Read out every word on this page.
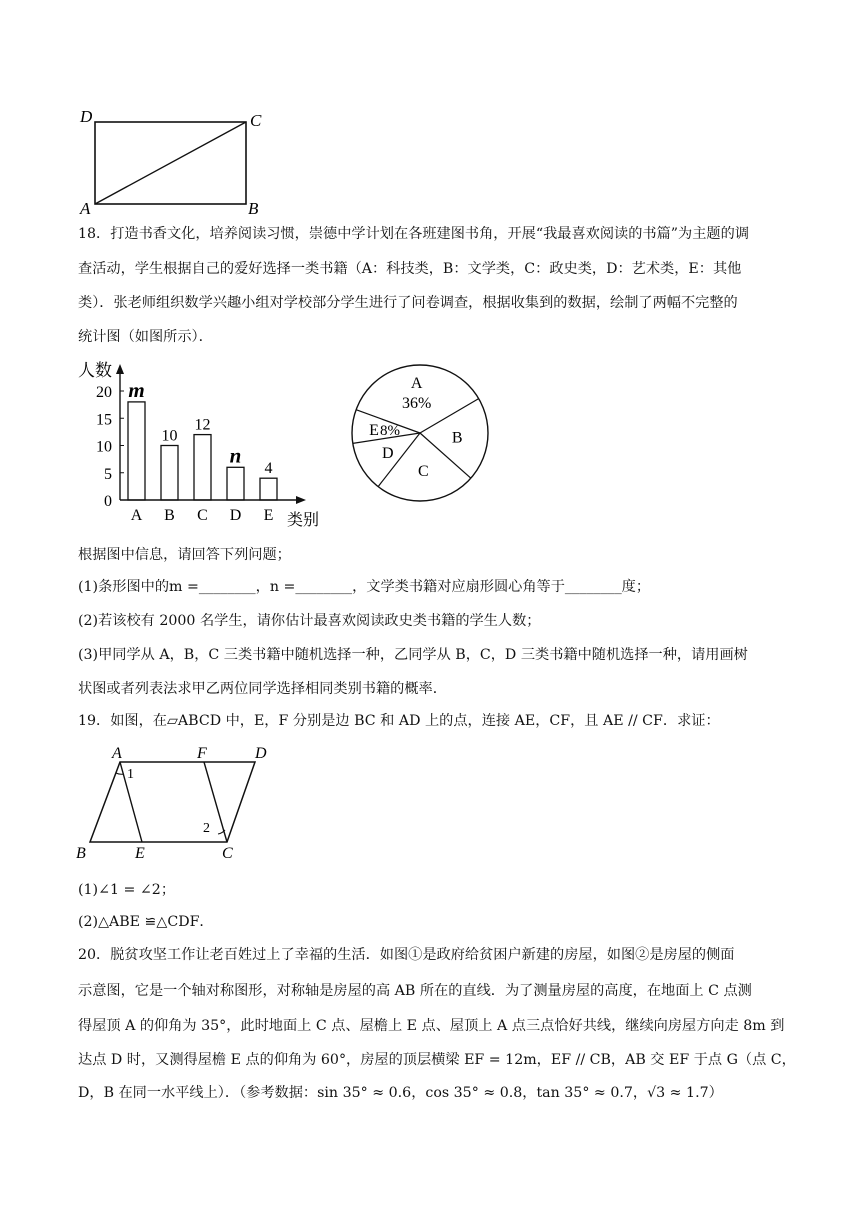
D	C
A	B
18．打造书香文化，培养阅读习惯，崇德中学计划在各班建图书角，开展“我最喜欢阅读的书篇”为主题的调
查活动，学生根据自己的爱好选择一类书籍（A：科技类，B：文学类，C：政史类，D：艺术类，E：其他
类）．张老师组织数学兴趣小组对学校部分学生进行了问卷调查，根据收集到的数据，绘制了两幅不完整的
统计图（如图所示）．
人数
类别
0
5
10
15
20 m
A
10
B
12
C
n
D
4
E
A
36%
B
C
D
E 8%
根据图中信息，请回答下列问题；
(1)条形图中的m =________，n =________，文学类书籍对应扇形圆心角等于________度；
(2)若该校有 2000 名学生，请你估计最喜欢阅读政史类书籍的学生人数；
(3)甲同学从 A，B，C 三类书籍中随机选择一种，乙同学从 B，C，D 三类书籍中随机选择一种，请用画树
状图或者列表法求甲乙两位同学选择相同类别书籍的概率．
19．如图，在▱ABCD 中，E，F 分别是边 BC 和 AD 上的点，连接 AE，CF，且 AE // CF．求证：
A	F	D
B	E	C
1
2
(1)∠1 = ∠2；
(2)△ABE ≌△CDF．
20．脱贫攻坚工作让老百姓过上了幸福的生活．如图①是政府给贫困户新建的房屋，如图②是房屋的侧面
示意图，它是一个轴对称图形，对称轴是房屋的高 AB 所在的直线．为了测量房屋的高度，在地面上 C 点测
得屋顶 A 的仰角为 35°，此时地面上 C 点、屋檐上 E 点、屋顶上 A 点三点恰好共线，继续向房屋方向走 8m 到
达点 D 时，又测得屋檐 E 点的仰角为 60°，房屋的顶层横梁 EF = 12m，EF // CB，AB 交 EF 于点 G（点 C，
D，B 在同一水平线上）．（参考数据：sin 35° ≈ 0.6，cos 35° ≈ 0.8，tan 35° ≈ 0.7，√3 ≈ 1.7）
